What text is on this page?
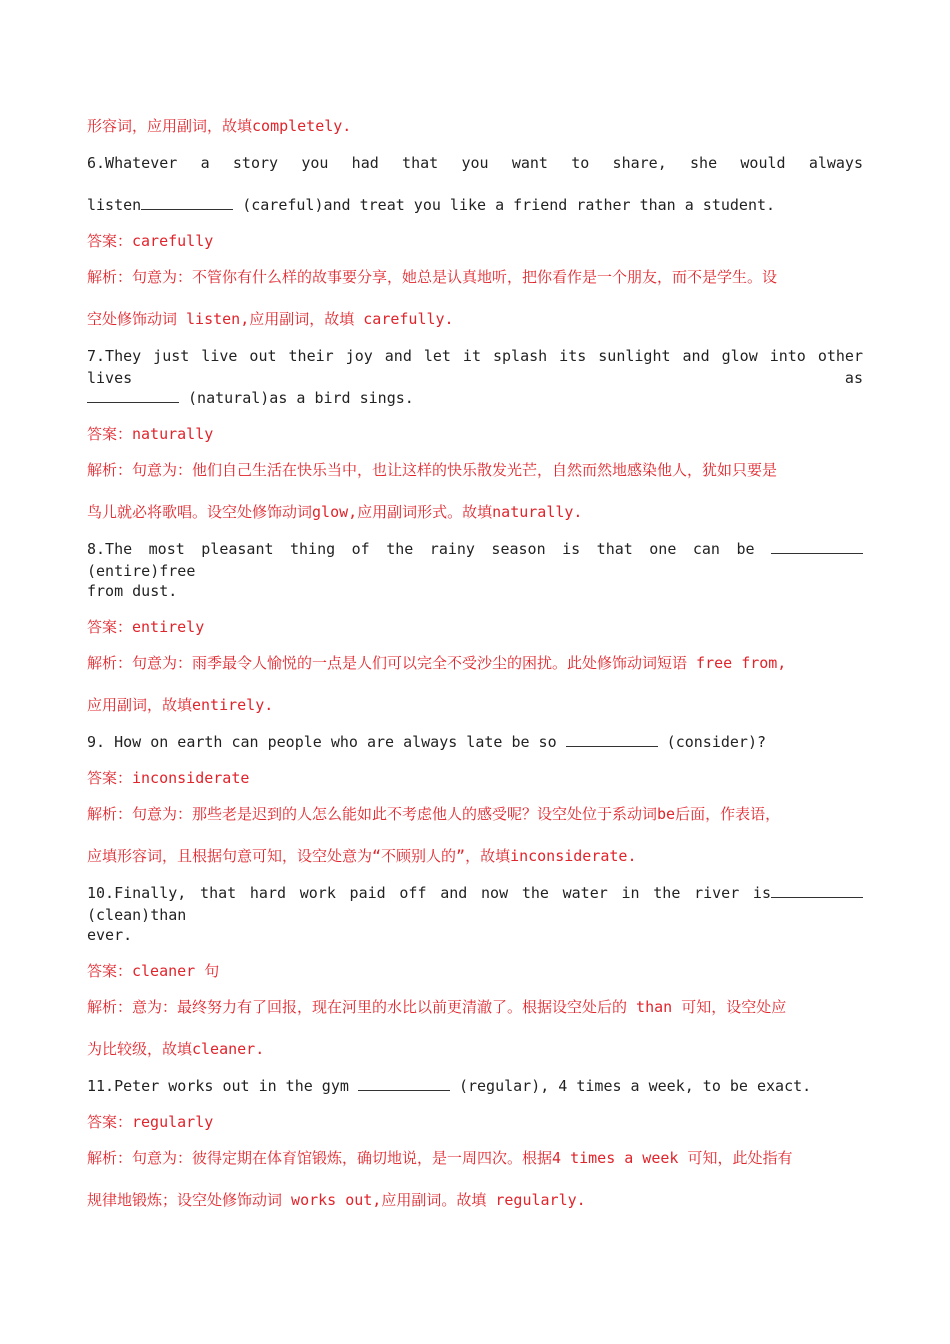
形容词，应用副词，故填completely.
6.Whatever a story you had that you want to share, she would always
listen	(careful)and treat you like a friend rather than a student.
答案：carefully
解析：句意为：不管你有什么样的故事要分享，她总是认真地听，把你看作是一个朋友，而不是学生。设
空处修饰动词 listen,应用副词，故填 carefully.
7.They just live out their joy and let it splash its sunlight and glow into other lives as
(natural)as a bird sings.
答案：naturally
解析：句意为：他们自己生活在快乐当中，也让这样的快乐散发光芒，自然而然地感染他人，犹如只要是
鸟儿就必将歌唱。设空处修饰动词glow,应用副词形式。故填naturally.
8.The most pleasant thing of the rainy season is that one can be  (entire)free
from dust.
答案：entirely
解析：句意为：雨季最令人愉悦的一点是人们可以完全不受沙尘的困扰。此处修饰动词短语 free from,
应用副词，故填entirely.
9. How on earth can people who are always late be so	(consider)?
答案：inconsiderate
解析：句意为：那些老是迟到的人怎么能如此不考虑他人的感受呢？设空处位于系动词be后面，作表语，
应填形容词，且根据句意可知，设空处意为“不顾别人的”，故填inconsiderate.
10.Finally, that hard work paid off and now the water in the river is (clean)than
ever.
答案：cleaner 句
解析：意为：最终努力有了回报，现在河里的水比以前更清澈了。根据设空处后的 than 可知，设空处应
为比较级，故填cleaner.
11.Peter works out in the gym	(regular), 4 times a week, to be exact.
答案：regularly
解析：句意为：彼得定期在体育馆锻炼，确切地说，是一周四次。根据4 times a week 可知，此处指有
规律地锻炼；设空处修饰动词 works out,应用副词。故填 regularly.
